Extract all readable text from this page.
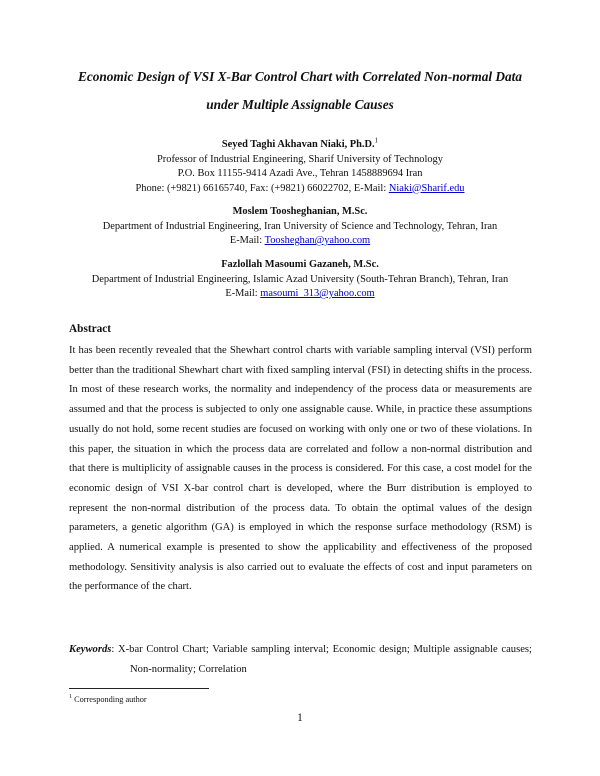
Economic Design of VSI X-Bar Control Chart with Correlated Non-normal Data
under Multiple Assignable Causes
Seyed Taghi Akhavan Niaki, Ph.D.$^1$
Professor of Industrial Engineering, Sharif University of Technology
P.O. Box 11155-9414 Azadi Ave., Tehran 1458889694 Iran
Phone: (+9821) 66165740, Fax: (+9821) 66022702, E-Mail: Niaki@Sharif.edu
Moslem Toosheghanian, M.Sc.
Department of Industrial Engineering, Iran University of Science and Technology, Tehran, Iran
E-Mail: Toosheghan@yahoo.com
Fazlollah Masoumi Gazaneh, M.Sc.
Department of Industrial Engineering, Islamic Azad University (South-Tehran Branch), Tehran, Iran
E-Mail: masoumi_313@yahoo.com
Abstract

It has been recently revealed that the Shewhart control charts with variable sampling interval (VSI) perform better than the traditional Shewhart chart with fixed sampling interval (FSI) in detecting shifts in the process. In most of these research works, the normality and independency of the process data or measurements are assumed and that the process is subjected to only one assignable cause. While, in practice these assumptions usually do not hold, some recent studies are focused on working with only one or two of these violations. In this paper, the situation in which the process data are correlated and follow a non-normal distribution and that there is multiplicity of assignable causes in the process is considered. For this case, a cost model for the economic design of VSI X-bar control chart is developed, where the Burr distribution is employed to represent the non-normal distribution of the process data. To obtain the optimal values of the design parameters, a genetic algorithm (GA) is employed in which the response surface methodology (RSM) is applied. A numerical example is presented to show the applicability and effectiveness of the proposed methodology. Sensitivity analysis is also carried out to evaluate the effects of cost and input parameters on the performance of the chart.

Keywords: X-bar Control Chart; Variable sampling interval; Economic design; Multiple assignable causes; Non-normality; Correlation

$^1$ Corresponding author
1
